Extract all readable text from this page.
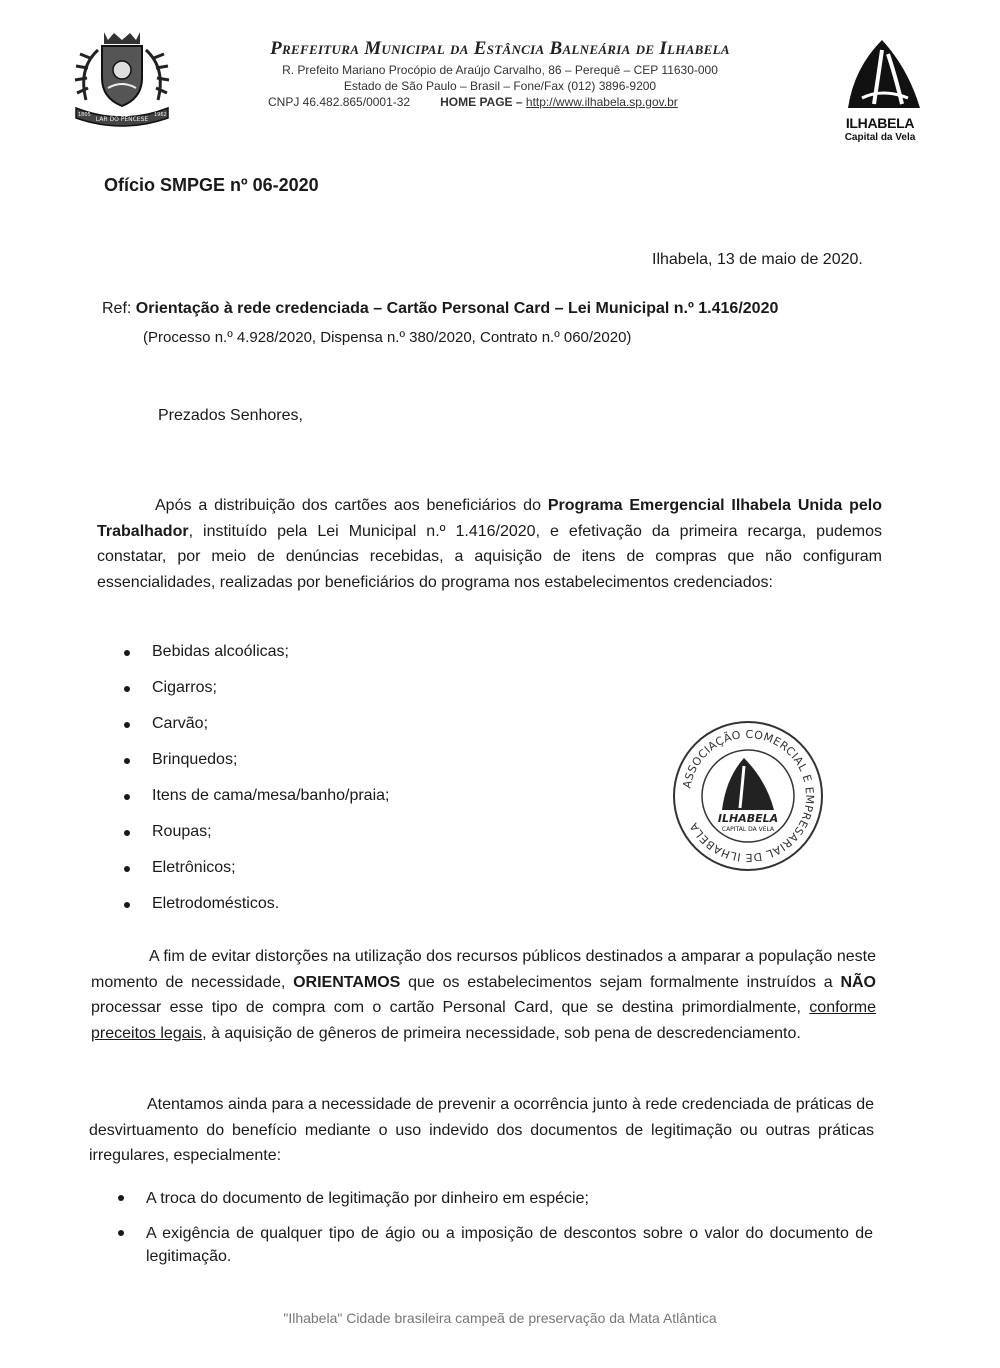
LAR DO PENCESE
1805	1962
Prefeitura Municipal da Estância Balneária de Ilhabela
R. Prefeito Mariano Procópio de Araújo Carvalho, 86 – Perequê – CEP 11630-000
Estado de São Paulo – Brasil – Fone/Fax (012) 3896-9200
CNPJ 46.482.865/0001-32	HOME PAGE – http://www.ilhabela.sp.gov.br
ILHABELA
Capital da Vela
Ofício SMPGE nº 06-2020
Ilhabela, 13 de maio de 2020.
Ref: Orientação à rede credenciada – Cartão Personal Card – Lei Municipal n.º 1.416/2020
(Processo n.º 4.928/2020, Dispensa n.º 380/2020, Contrato n.º 060/2020)
Prezados Senhores,
Após a distribuição dos cartões aos beneficiários do Programa Emergencial Ilhabela Unida pelo Trabalhador, instituído pela Lei Municipal n.º 1.416/2020, e efetivação da primeira recarga, pudemos constatar, por meio de denúncias recebidas, a aquisição de itens de compras que não configuram essencialidades, realizadas por beneficiários do programa nos estabelecimentos credenciados:
Bebidas alcoólicas;
Cigarros;
Carvão;
Brinquedos;
Itens de cama/mesa/banho/praia;
Roupas;
Eletrônicos;
Eletrodomésticos.
ASSOCIAÇÃO COMERCIAL E EMPRESARIAL DE ILHABELA
ILHABELA
CAPITAL DA VELA
A fim de evitar distorções na utilização dos recursos públicos destinados a amparar a população neste momento de necessidade, ORIENTAMOS que os estabelecimentos sejam formalmente instruídos a NÃO processar esse tipo de compra com o cartão Personal Card, que se destina primordialmente, conforme preceitos legais, à aquisição de gêneros de primeira necessidade, sob pena de descredenciamento.
Atentamos ainda para a necessidade de prevenir a ocorrência junto à rede credenciada de práticas de desvirtuamento do benefício mediante o uso indevido dos documentos de legitimação ou outras práticas irregulares, especialmente:
A troca do documento de legitimação por dinheiro em espécie;
A exigência de qualquer tipo de ágio ou a imposição de descontos sobre o valor do documento de legitimação.
"Ilhabela" Cidade brasileira campeã de preservação da Mata Atlântica
